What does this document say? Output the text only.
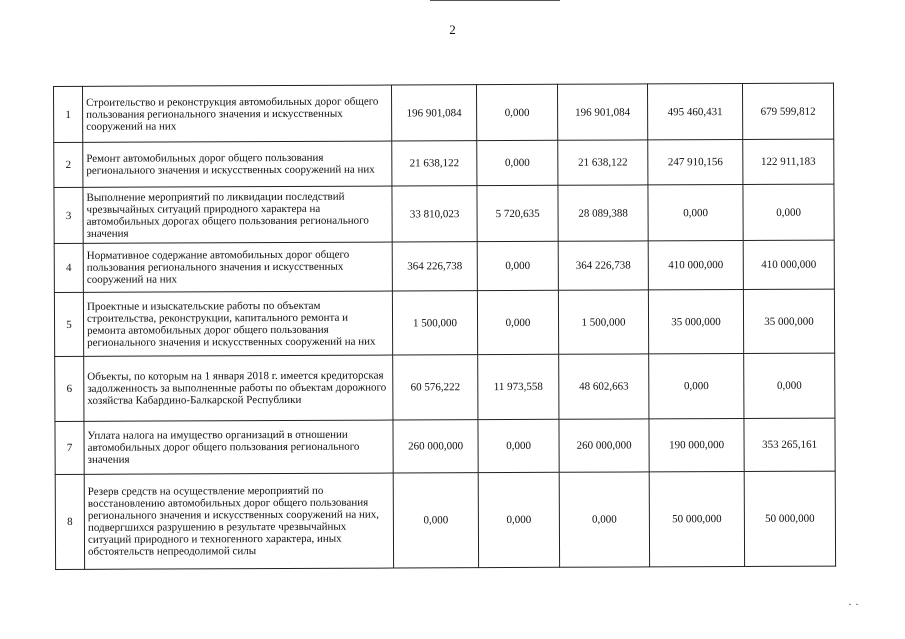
2
1	Строительство и реконструкция автомобильных дорог общего пользования регионального значения и искусственных сооружений на них	196 901,084	0,000	196 901,084	495 460,431	679 599,812
2	Ремонт автомобильных дорог общего пользования регионального значения и искусственных сооружений на них	21 638,122	0,000	21 638,122	247 910,156	122 911,183
3	Выполнение мероприятий по ликвидации последствий чрезвычайных ситуаций природного характера на автомобильных дорогах общего пользования регионального значения	33 810,023	5 720,635	28 089,388	0,000	0,000
4	Нормативное содержание автомобильных дорог общего пользования регионального значения и искусственных сооружений на них	364 226,738	0,000	364 226,738	410 000,000	410 000,000
5	Проектные и изыскательские работы по объектам строительства, реконструкции, капитального ремонта и ремонта автомобильных дорог общего пользования регионального значения и искусственных сооружений на них	1 500,000	0,000	1 500,000	35 000,000	35 000,000
6	Объекты, по которым на 1 января 2018 г. имеется кредиторская задолженность за выполненные работы по объектам дорожного хозяйства Кабардино-Балкарской Республики	60 576,222	11 973,558	48 602,663	0,000	0,000
7	Уплата налога на имущество организаций в отношении автомобильных дорог общего пользования регионального значения	260 000,000	0,000	260 000,000	190 000,000	353 265,161
8	Резерв средств на осуществление мероприятий по восстановлению автомобильных дорог общего пользования регионального значения и искусственных сооружений на них, подвергшихся разрушению в результате чрезвычайных ситуаций природного и техногенного характера, иных обстоятельств непреодолимой силы	0,000	0,000	0,000	50 000,000	50 000,000
· ·
